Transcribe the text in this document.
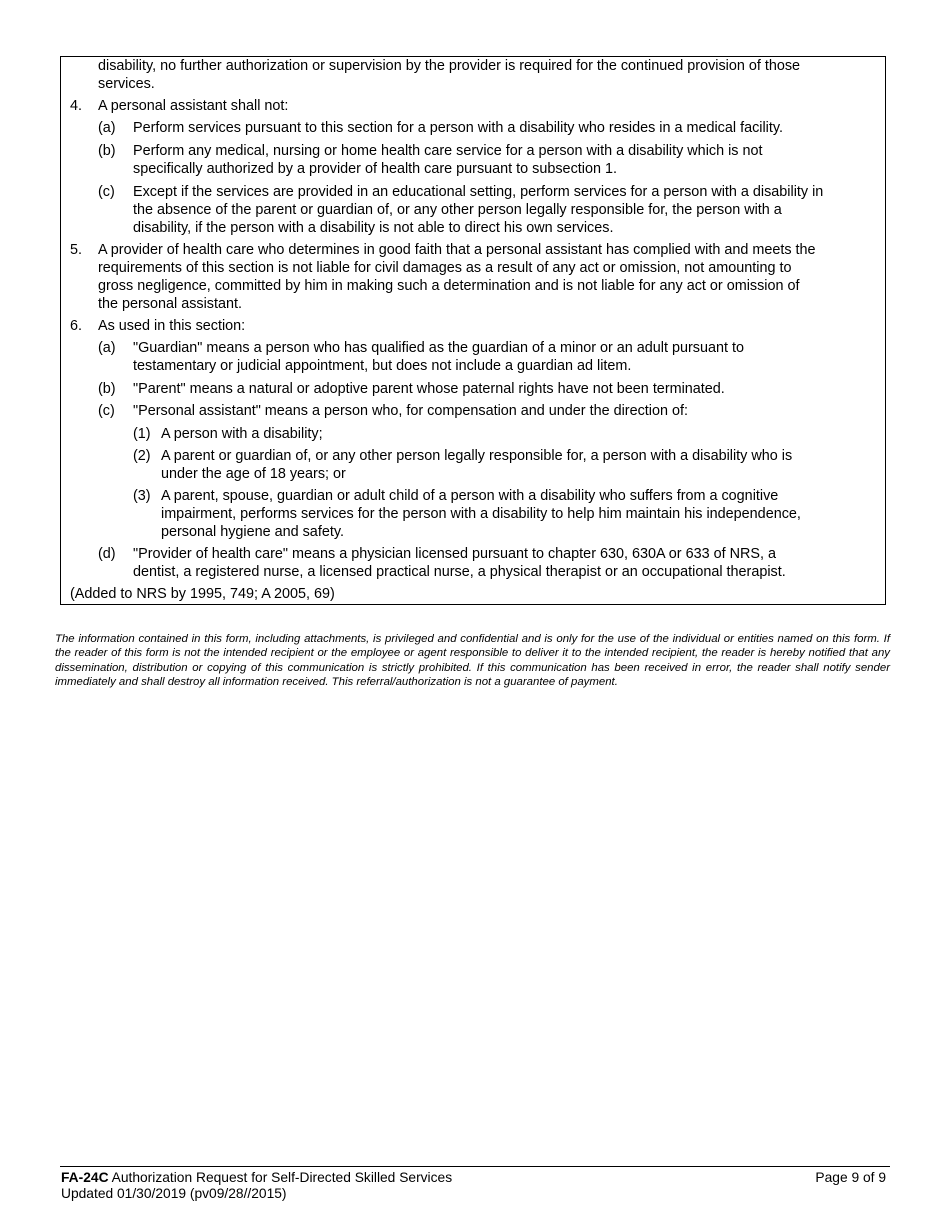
disability, no further authorization or supervision by the provider is required for the continued provision of those
services.
4. A personal assistant shall not:
(a) Perform services pursuant to this section for a person with a disability who resides in a medical facility.
(b) Perform any medical, nursing or home health care service for a person with a disability which is not
specifically authorized by a provider of health care pursuant to subsection 1.
(c) Except if the services are provided in an educational setting, perform services for a person with a disability in
the absence of the parent or guardian of, or any other person legally responsible for, the person with a
disability, if the person with a disability is not able to direct his own services.
5. A provider of health care who determines in good faith that a personal assistant has complied with and meets the
requirements of this section is not liable for civil damages as a result of any act or omission, not amounting to
gross negligence, committed by him in making such a determination and is not liable for any act or omission of
the personal assistant.
6. As used in this section:
(a) "Guardian" means a person who has qualified as the guardian of a minor or an adult pursuant to
testamentary or judicial appointment, but does not include a guardian ad litem.
(b) "Parent" means a natural or adoptive parent whose paternal rights have not been terminated.
(c) "Personal assistant" means a person who, for compensation and under the direction of:
(1) A person with a disability;
(2) A parent or guardian of, or any other person legally responsible for, a person with a disability who is
under the age of 18 years; or
(3) A parent, spouse, guardian or adult child of a person with a disability who suffers from a cognitive
impairment, performs services for the person with a disability to help him maintain his independence,
personal hygiene and safety.
(d) "Provider of health care" means a physician licensed pursuant to chapter 630, 630A or 633 of NRS, a
dentist, a registered nurse, a licensed practical nurse, a physical therapist or an occupational therapist.
(Added to NRS by 1995, 749; A 2005, 69)
The information contained in this form, including attachments, is privileged and confidential and is only for the use of the individual or entities named on this form. If the reader of this form is not the intended recipient or the employee or agent responsible to deliver it to the intended recipient, the reader is hereby notified that any dissemination, distribution or copying of this communication is strictly prohibited. If this communication has been received in error, the reader shall notify sender immediately and shall destroy all information received. This referral/authorization is not a guarantee of payment.
FA-24C Authorization Request for Self-Directed Skilled Services
Updated 01/30/2019 (pv09/28//2015)
Page 9 of 9
